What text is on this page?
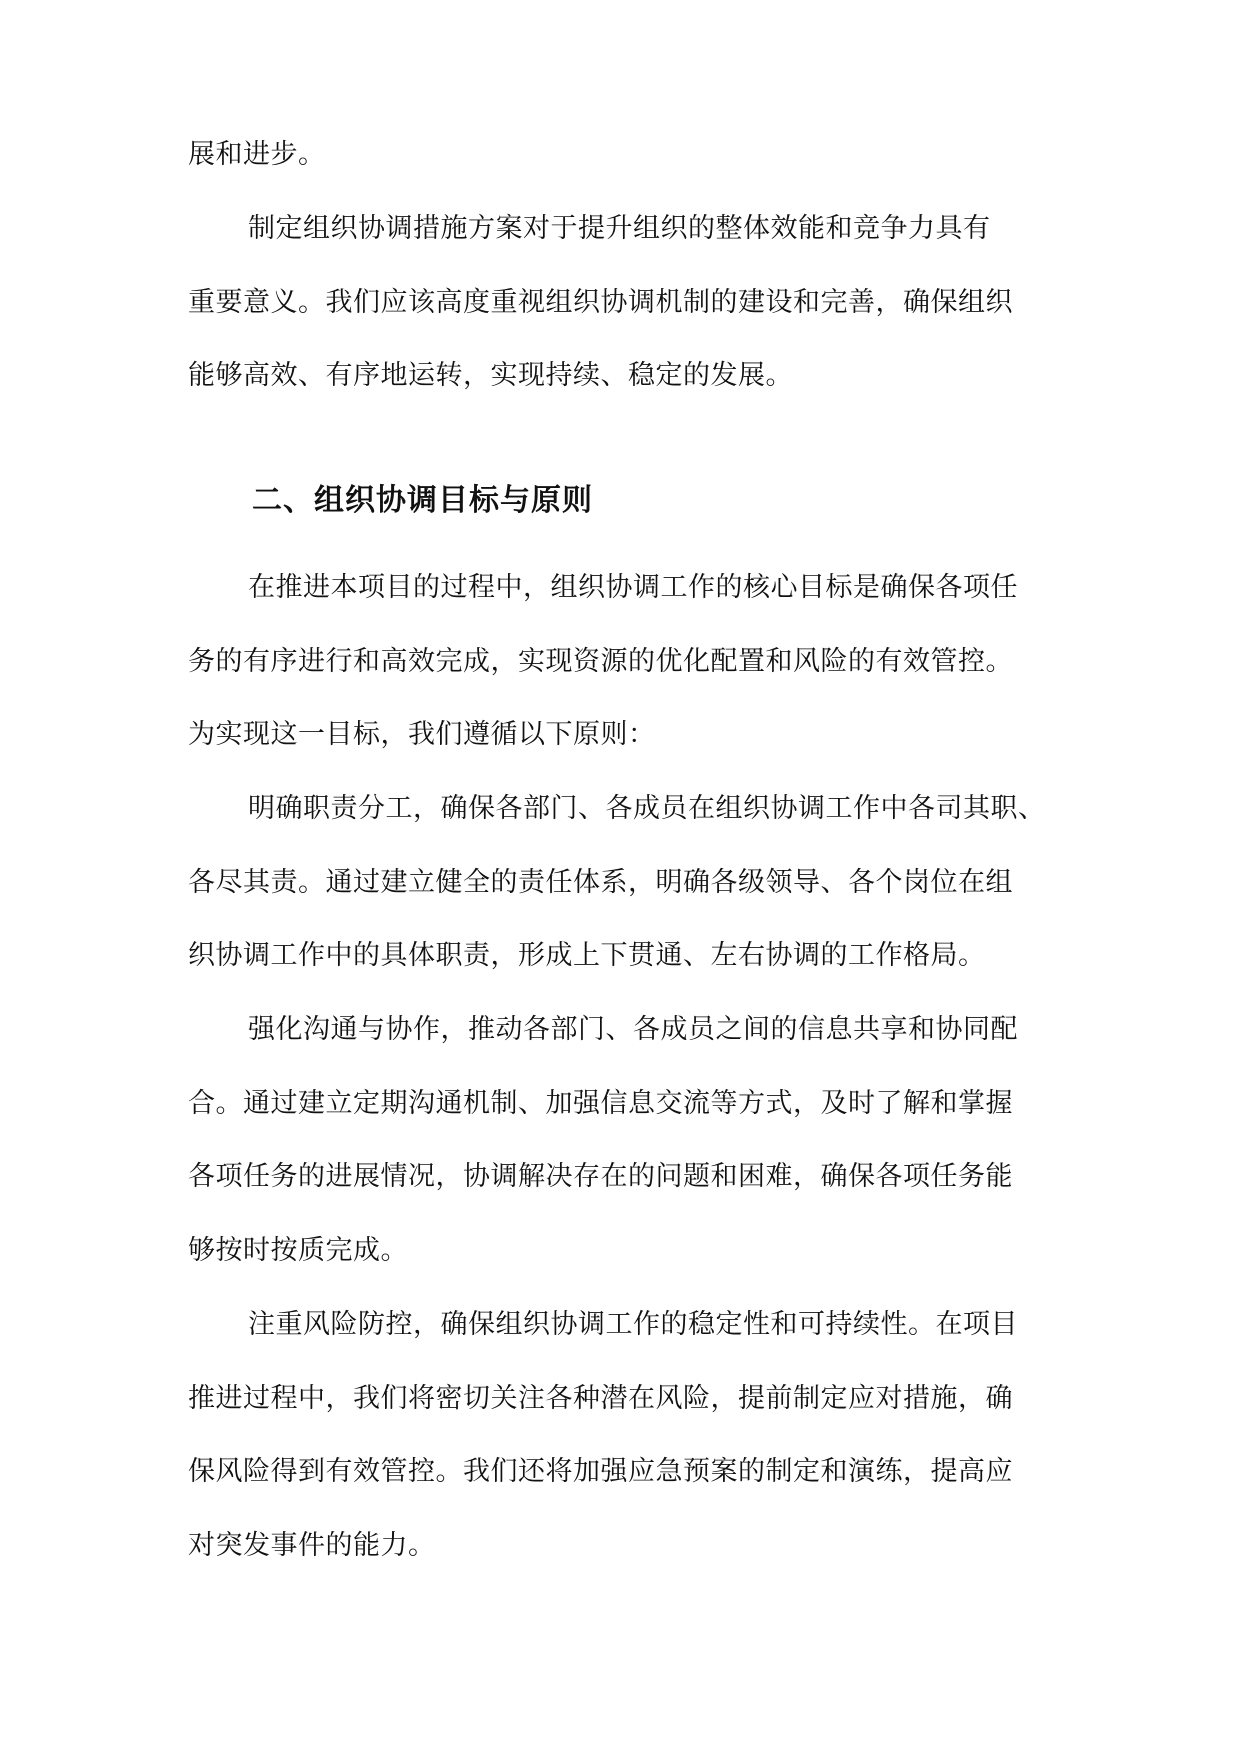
展和进步。

制定组织协调措施方案对于提升组织的整体效能和竞争力具有
重要意义。我们应该高度重视组织协调机制的建设和完善，确保组织
能够高效、有序地运转，实现持续、稳定的发展。

二、组织协调目标与原则

在推进本项目的过程中，组织协调工作的核心目标是确保各项任
务的有序进行和高效完成，实现资源的优化配置和风险的有效管控。
为实现这一目标，我们遵循以下原则：

明确职责分工，确保各部门、各成员在组织协调工作中各司其职、
各尽其责。通过建立健全的责任体系，明确各级领导、各个岗位在组
织协调工作中的具体职责，形成上下贯通、左右协调的工作格局。

强化沟通与协作，推动各部门、各成员之间的信息共享和协同配
合。通过建立定期沟通机制、加强信息交流等方式，及时了解和掌握
各项任务的进展情况，协调解决存在的问题和困难，确保各项任务能
够按时按质完成。

注重风险防控，确保组织协调工作的稳定性和可持续性。在项目
推进过程中，我们将密切关注各种潜在风险，提前制定应对措施，确
保风险得到有效管控。我们还将加强应急预案的制定和演练，提高应
对突发事件的能力。
